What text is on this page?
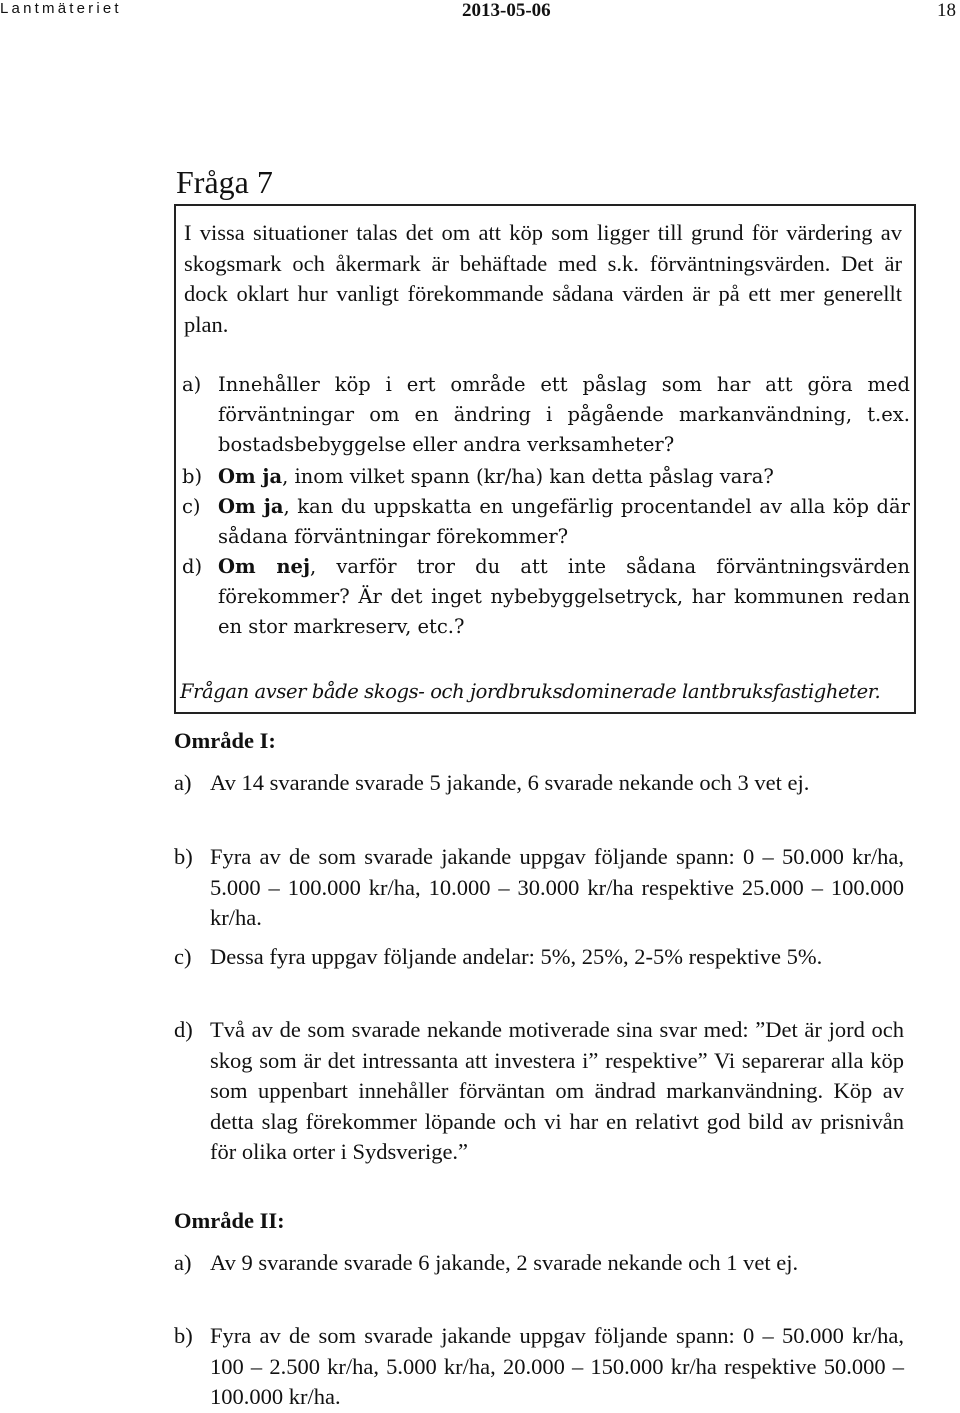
Lantmäteriet	2013-05-06	18
Fråga 7
I vissa situationer talas det om att köp som ligger till grund för värdering av skogsmark och åkermark är behäftade med s.k. förväntningsvärden. Det är dock oklart hur vanligt förekommande sådana värden är på ett mer generellt plan.
a) Innehåller köp i ert område ett påslag som har att göra med förväntningar om en ändring i pågående markanvändning, t.ex. bostadsbebyggelse eller andra verksamheter?
b) Om ja, inom vilket spann (kr/ha) kan detta påslag vara?
c) Om ja, kan du uppskatta en ungefärlig procentandel av alla köp där sådana förväntningar förekommer?
d) Om nej, varför tror du att inte sådana förväntningsvärden förekommer? Är det inget nybebyggelsetryck, har kommunen redan en stor markreserv, etc.?
Frågan avser både skogs- och jordbruksdominerade lantbruksfastigheter.
Område I:
a) Av 14 svarande svarade 5 jakande, 6 svarade nekande och 3 vet ej.
b) Fyra av de som svarade jakande uppgav följande spann: 0 – 50.000 kr/ha, 5.000 – 100.000 kr/ha, 10.000 – 30.000 kr/ha respektive 25.000 – 100.000 kr/ha.
c) Dessa fyra uppgav följande andelar: 5%, 25%, 2-5% respektive 5%.
d) Två av de som svarade nekande motiverade sina svar med: ˮDet är jord och skog som är det intressanta att investera iˮ respektiveˮ Vi separerar alla köp som uppenbart innehåller förväntan om ändrad markanvändning. Köp av detta slag förekommer löpande och vi har en relativt god bild av prisnivån för olika orter i Sydsverige.ˮ
Område II:
a) Av 9 svarande svarade 6 jakande, 2 svarade nekande och 1 vet ej.
b) Fyra av de som svarade jakande uppgav följande spann: 0 – 50.000 kr/ha, 100 – 2.500 kr/ha, 5.000 kr/ha, 20.000 – 150.000 kr/ha respektive 50.000 – 100.000 kr/ha.
